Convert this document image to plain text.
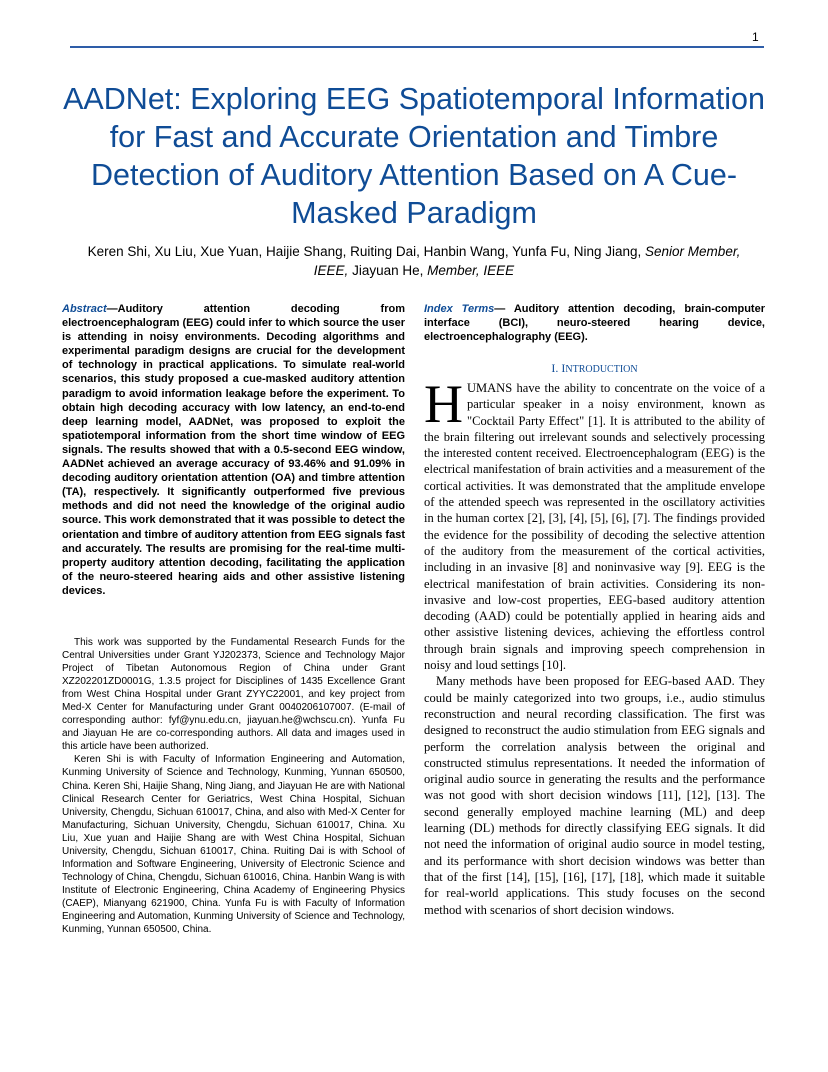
1
AADNet: Exploring EEG Spatiotemporal Information for Fast and Accurate Orientation and Timbre Detection of Auditory Attention Based on A Cue-Masked Paradigm
Keren Shi, Xu Liu, Xue Yuan, Haijie Shang, Ruiting Dai, Hanbin Wang, Yunfa Fu, Ning Jiang, Senior Member, IEEE, Jiayuan He, Member, IEEE

Abstract—Auditory attention decoding from electroencephalogram (EEG) could infer to which source the user is attending in noisy environments. Decoding algorithms and experimental paradigm designs are crucial for the development of technology in practical applications. To simulate real-world scenarios, this study proposed a cue-masked auditory attention paradigm to avoid information leakage before the experiment. To obtain high decoding accuracy with low latency, an end-to-end deep learning model, AADNet, was proposed to exploit the spatiotemporal information from the short time window of EEG signals. The results showed that with a 0.5-second EEG window, AADNet achieved an average accuracy of 93.46% and 91.09% in decoding auditory orientation attention (OA) and timbre attention (TA), respectively. It significantly outperformed five previous methods and did not need the knowledge of the original audio source. This work demonstrated that it was possible to detect the orientation and timbre of auditory attention from EEG signals fast and accurately. The results are promising for the real-time multi-property auditory attention decoding, facilitating the application of the neuro-steered hearing aids and other assistive listening devices.

This work was supported by the Fundamental Research Funds for the Central Universities under Grant YJ202373, Science and Technology Major Project of Tibetan Autonomous Region of China under Grant XZ202201ZD0001G, 1.3.5 project for Disciplines of 1435 Excellence Grant from West China Hospital under Grant ZYYC22001, and key project from Med-X Center for Manufacturing under Grant 0040206107007. (E-mail of corresponding author: fyf@ynu.edu.cn, jiayuan.he@wchscu.cn). Yunfa Fu and Jiayuan He are co-corresponding authors. All data and images used in this article have been authorized.

Keren Shi is with Faculty of Information Engineering and Automation, Kunming University of Science and Technology, Kunming, Yunnan 650500, China. Keren Shi, Haijie Shang, Ning Jiang, and Jiayuan He are with National Clinical Research Center for Geriatrics, West China Hospital, Sichuan University, Chengdu, Sichuan 610017, China, and also with Med-X Center for Manufacturing, Sichuan University, Chengdu, Sichuan 610017, China. Xu Liu, Xue yuan and Haijie Shang are with West China Hospital, Sichuan University, Chengdu, Sichuan 610017, China. Ruiting Dai is with School of Information and Software Engineering, University of Electronic Science and Technology of China, Chengdu, Sichuan 610016, China. Hanbin Wang is with Institute of Electronic Engineering, China Academy of Engineering Physics (CAEP), Mianyang 621900, China. Yunfa Fu is with Faculty of Information Engineering and Automation, Kunming University of Science and Technology, Kunming, Yunnan 650500, China.

Index Terms— Auditory attention decoding, brain-computer interface (BCI), neuro-steered hearing device, electroencephalography (EEG).

I. INTRODUCTION

HUMANS have the ability to concentrate on the voice of a particular speaker in a noisy environment, known as "Cocktail Party Effect" [1]. It is attributed to the ability of the brain filtering out irrelevant sounds and selectively processing the interested content received. Electroencephalogram (EEG) is the electrical manifestation of brain activities and a measurement of the cortical activities. It was demonstrated that the amplitude envelope of the attended speech was represented in the oscillatory activities in the human cortex [2], [3], [4], [5], [6], [7]. The findings provided the evidence for the possibility of decoding the selective attention of the auditory from the measurement of the cortical activities, including in an invasive [8] and noninvasive way [9]. EEG is the electrical manifestation of brain activities. Considering its non-invasive and low-cost properties, EEG-based auditory attention decoding (AAD) could be potentially applied in hearing aids and other assistive listening devices, achieving the effortless control through brain signals and improving speech comprehension in noisy and loud settings [10].

Many methods have been proposed for EEG-based AAD. They could be mainly categorized into two groups, i.e., audio stimulus reconstruction and neural recording classification. The first was designed to reconstruct the audio stimulation from EEG signals and perform the correlation analysis between the original and constructed stimulus representations. It needed the information of original audio source in generating the results and the performance was not good with short decision windows [11], [12], [13]. The second generally employed machine learning (ML) and deep learning (DL) methods for directly classifying EEG signals. It did not need the information of original audio source in model testing, and its performance with short decision windows was better than that of the first [14], [15], [16], [17], [18], which made it suitable for real-world applications. This study focuses on the second method with scenarios of short decision windows.
